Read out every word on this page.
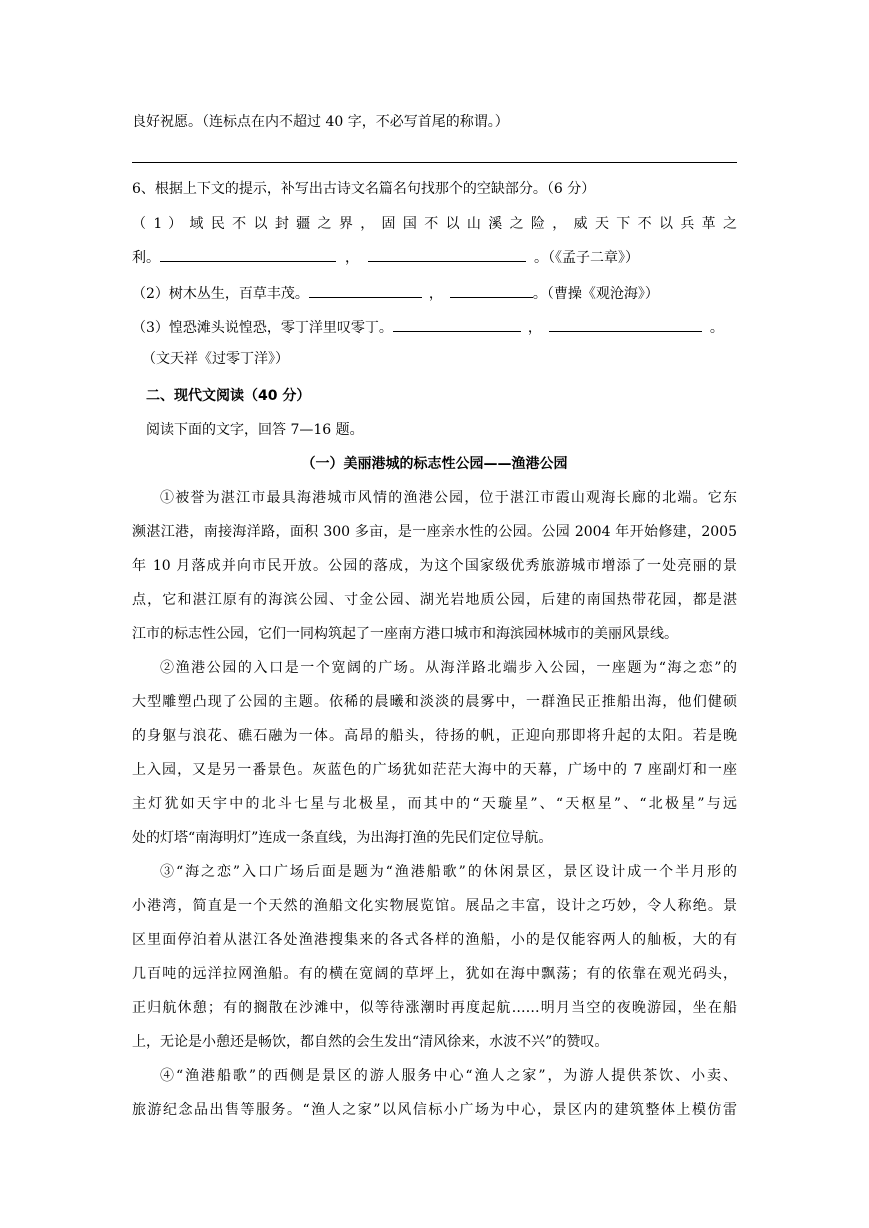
良好祝愿。（连标点在内不超过 40 字，不必写首尾的称谓。）
6、根据上下文的提示，补写出古诗文名篇名句找那个的空缺部分。（6 分）
（ 1 ） 域 民 不 以 封 疆 之 界 ， 固 国 不 以 山 溪 之 险 ， 威 天 下 不 以 兵 革 之
利。	，	。（《孟子二章》）
（2）树木丛生，百草丰茂。	，	。（曹操《观沧海》）
（3）惶恐滩头说惶恐，零丁洋里叹零丁。	，	。
（文天祥《过零丁洋》）
二、现代文阅读（40 分）
阅读下面的文字，回答 7—16 题。
（一）美丽港城的标志性公园——渔港公园
①被誉为湛江市最具海港城市风情的渔港公园，位于湛江市霞山观海长廊的北端。它东
濒湛江港，南接海洋路，面积 300 多亩，是一座亲水性的公园。公园 2004 年开始修建，2005
年 10 月落成并向市民开放。公园的落成，为这个国家级优秀旅游城市增添了一处亮丽的景
点，它和湛江原有的海滨公园、寸金公园、湖光岩地质公园，后建的南国热带花园，都是湛
江市的标志性公园，它们一同构筑起了一座南方港口城市和海滨园林城市的美丽风景线。
②渔港公园的入口是一个宽阔的广场。从海洋路北端步入公园，一座题为“海之恋”的
大型雕塑凸现了公园的主题。依稀的晨曦和淡淡的晨雾中，一群渔民正推船出海，他们健硕
的身躯与浪花、礁石融为一体。高昂的船头，待扬的帆，正迎向那即将升起的太阳。若是晚
上入园，又是另一番景色。灰蓝色的广场犹如茫茫大海中的天幕，广场中的 7 座副灯和一座
主灯犹如天宇中的北斗七星与北极星，而其中的“天璇星”、“天枢星”、“北极星”与远
处的灯塔“南海明灯”连成一条直线，为出海打渔的先民们定位导航。
③“海之恋”入口广场后面是题为“渔港船歌”的休闲景区，景区设计成一个半月形的
小港湾，简直是一个天然的渔船文化实物展览馆。展品之丰富，设计之巧妙，令人称绝。景
区里面停泊着从湛江各处渔港搜集来的各式各样的渔船，小的是仅能容两人的舢板，大的有
几百吨的远洋拉网渔船。有的横在宽阔的草坪上，犹如在海中飘荡；有的依靠在观光码头，
正归航休憩；有的搁散在沙滩中，似等待涨潮时再度起航……明月当空的夜晚游园，坐在船
上，无论是小憩还是畅饮，都自然的会生发出“清风徐来，水波不兴”的赞叹。
④“渔港船歌”的西侧是景区的游人服务中心“渔人之家”，为游人提供茶饮、小卖、
旅游纪念品出售等服务。“渔人之家”以风信标小广场为中心，景区内的建筑整体上模仿雷
